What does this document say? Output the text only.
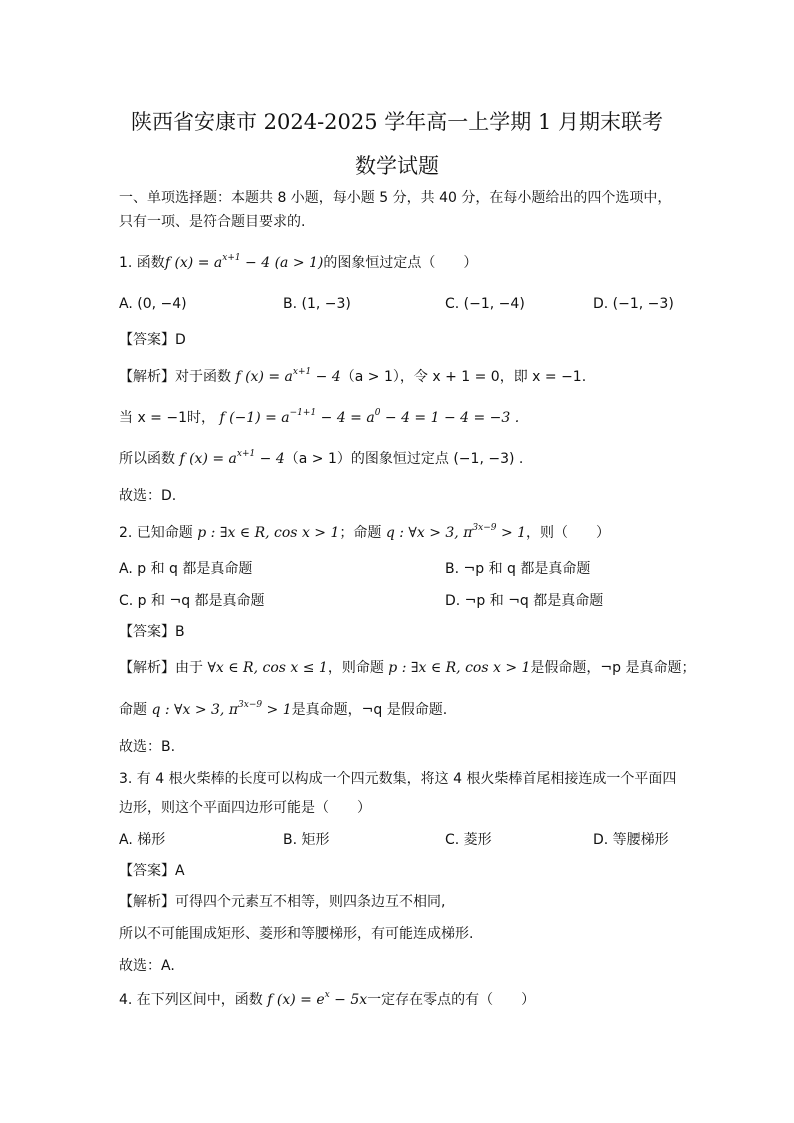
陕西省安康市 2024-2025 学年高一上学期 1 月期末联考
数学试题
一、单项选择题：本题共 8 小题，每小题 5 分，共 40 分，在每小题给出的四个选项中，只有一项、是符合题目要求的.
1. 函数f $(x) = a^{x+1} - 4$ (a > 1)的图象恒过定点（　　）
A. (0, −4)	B. (1, −3)	C. (−1, −4)	D. (−1, −3)
【答案】D
【解析】对于函数 f $(x) = a^{x+1} - 4(a > 1)$，令 x + 1 = 0，即 x = −1.
当 x = −1时， f $(-1) = a^{-1+1} - 4 = a^0 - 4 = 1 - 4 = -3$ .
所以函数 f $(x) = a^{x+1} - 4(a > 1)$的图象恒过定点 (−1, −3) .
故选：D.
2. 已知命题 p : ∃x ∈ R, cos x > 1；命题 q : ∀x > 3, $\pi^{3x-9} > 1$，则（　　）
A. p 和 q 都是真命题	B. ¬p 和 q 都是真命题
C. p 和 ¬q 都是真命题	D. ¬p 和 ¬q 都是真命题
【答案】B
【解析】由于 ∀x ∈ R, cos x ≤ 1，则命题 p : ∃x ∈ R, cos x > 1是假命题，¬p 是真命题；
命题 q : ∀x > 3, $\pi^{3x-9} > 1$是真命题，¬q 是假命题.
故选：B.
3. 有 4 根火柴棒的长度可以构成一个四元数集，将这 4 根火柴棒首尾相接连成一个平面四
边形，则这个平面四边形可能是（　　）
A. 梯形	B. 矩形	C. 菱形	D. 等腰梯形
【答案】A
【解析】可得四个元素互不相等，则四条边互不相同,
所以不可能围成矩形、菱形和等腰梯形，有可能连成梯形.
故选：A.
4. 在下列区间中，函数 f $(x) = e^x - 5x$一定存在零点的有（　　）
